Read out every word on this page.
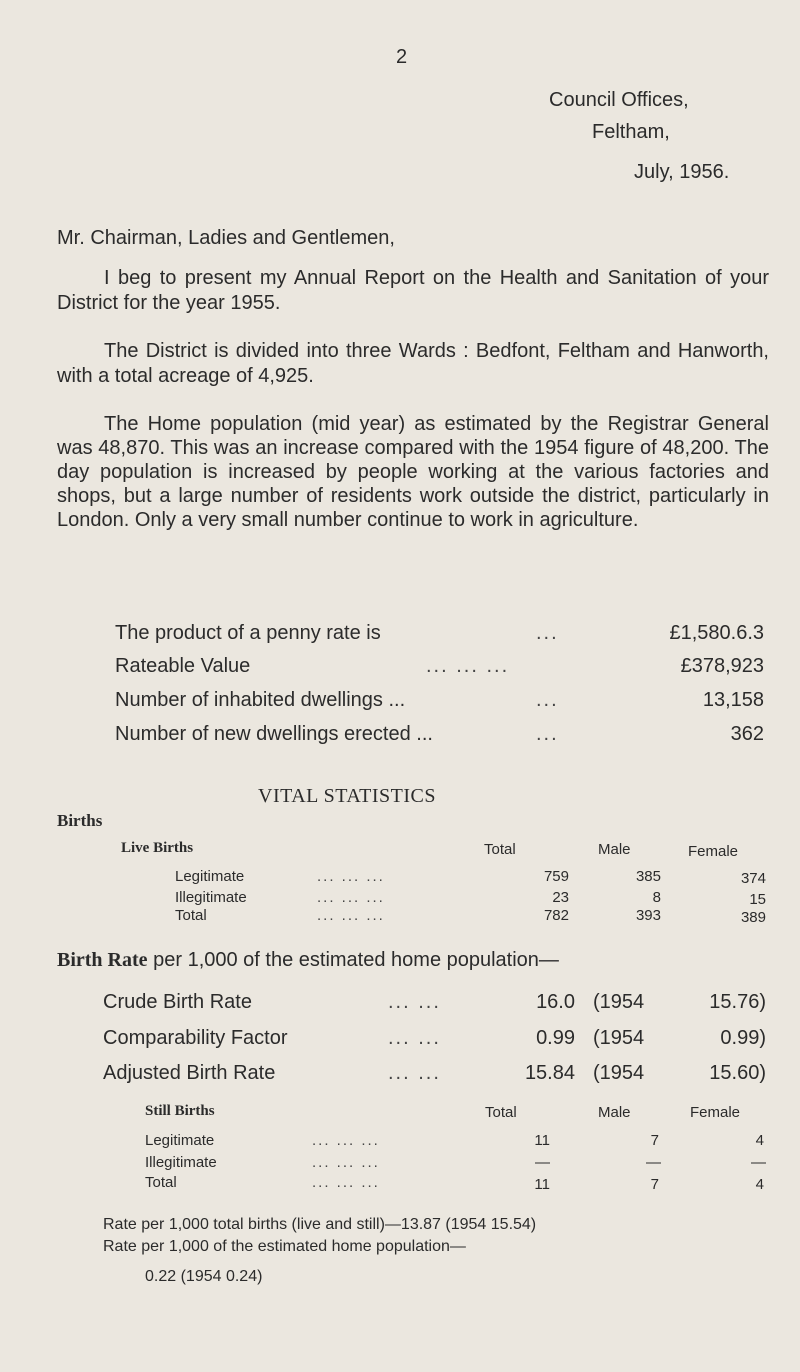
2
Council Offices,
Feltham,
July, 1956.
Mr. Chairman, Ladies and Gentlemen,
I beg to present my Annual Report on the Health and Sanitation of your District for the year 1955.
The District is divided into three Wards : Bedfont, Feltham and Hanworth, with a total acreage of 4,925.
The Home population (mid year) as estimated by the Registrar General was 48,870. This was an increase compared with the 1954 figure of 48,200. The day population is increased by people working at the various factories and shops, but a large number of residents work outside the district, particularly in London. Only a very small number continue to work in agriculture.
The product of a penny rate is	...	£1,580.6.3
Rateable Value	... ... ...	£378,923
Number of inhabited dwellings ...	...	13,158
Number of new dwellings erected ...	...	362
VITAL STATISTICS
Births
Live Births	Total	Male	Female
Legitimate	... ... ...	759	385	374
Illegitimate	... ... ...	23	8	15
Total	... ... ...	782	393	389
Birth Rate per 1,000 of the estimated home population—
Crude Birth Rate	... ...	16.0 (1954	15.76)
Comparability Factor	... ...	0.99 (1954	0.99)
Adjusted Birth Rate	... ...	15.84 (1954	15.60)
Still Births	Total	Male	Female
Legitimate	... ... ...	11	7	4
Illegitimate	... ... ...	—	—	—
Total	... ... ...	11	7	4
Rate per 1,000 total births (live and still)—13.87 (1954 15.54)
Rate per 1,000 of the estimated home population—
0.22 (1954 0.24)
